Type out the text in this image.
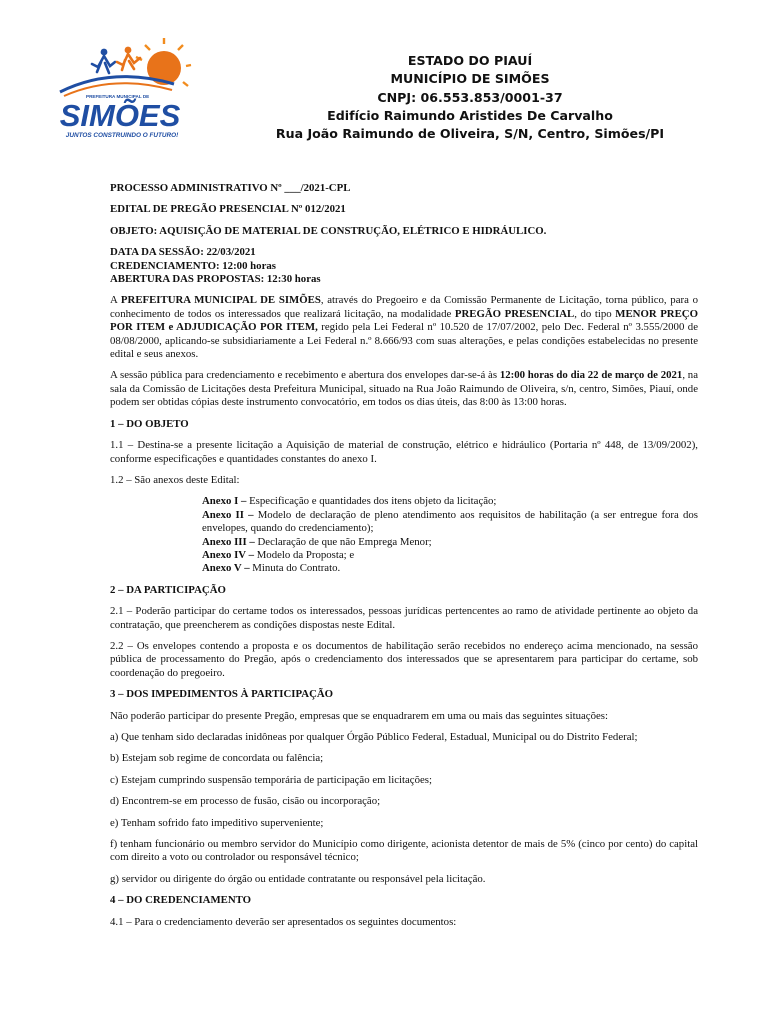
PREFEITURA MUNICIPAL DE
SIMÕES
JUNTOS CONSTRUINDO O FUTURO!
ESTADO DO PIAUÍ
MUNICÍPIO DE SIMÕES
CNPJ: 06.553.853/0001-37
Edifício Raimundo Aristides De Carvalho
Rua João Raimundo de Oliveira, S/N, Centro, Simões/PI

PROCESSO ADMINISTRATIVO Nº ___/2021-CPL

EDITAL DE PREGÃO PRESENCIAL Nº 012/2021

OBJETO: AQUISIÇÃO DE MATERIAL DE CONSTRUÇÃO, ELÉTRICO E HIDRÁULICO.

DATA DA SESSÃO: 22/03/2021

CREDENCIAMENTO: 12:00 horas

ABERTURA DAS PROPOSTAS: 12:30 horas

A PREFEITURA MUNICIPAL DE SIMÕES, através do Pregoeiro e da Comissão Permanente de Licitação, torna público, para o conhecimento de todos os interessados que realizará licitação, na modalidade PREGÃO PRESENCIAL, do tipo MENOR PREÇO POR ITEM e ADJUDICAÇÃO POR ITEM, regido pela Lei Federal nº 10.520 de 17/07/2002, pelo Dec. Federal nº 3.555/2000 de 08/08/2000, aplicando-se subsidiariamente a Lei Federal n.º 8.666/93 com suas alterações, e pelas condições estabelecidas no presente edital e seus anexos.

A sessão pública para credenciamento e recebimento e abertura dos envelopes dar-se-á às 12:00 horas do dia 22 de março de 2021, na sala da Comissão de Licitações desta Prefeitura Municipal, situado na Rua João Raimundo de Oliveira, s/n, centro, Simões, Piauí, onde podem ser obtidas cópias deste instrumento convocatório, em todos os dias úteis, das 8:00 às 13:00 horas.

1 – DO OBJETO

1.1 – Destina-se a presente licitação a Aquisição de material de construção, elétrico e hidráulico (Portaria nº 448, de 13/09/2002), conforme especificações e quantidades constantes do anexo I.

1.2 – São anexos deste Edital:

Anexo I – Especificação e quantidades dos itens objeto da licitação;

Anexo II – Modelo de declaração de pleno atendimento aos requisitos de habilitação (a ser entregue fora dos envelopes, quando do credenciamento);

Anexo III – Declaração de que não Emprega Menor;

Anexo IV – Modelo da Proposta; e

Anexo V – Minuta do Contrato.

2 – DA PARTICIPAÇÃO

2.1 – Poderão participar do certame todos os interessados, pessoas jurídicas pertencentes ao ramo de atividade pertinente ao objeto da contratação, que preencherem as condições dispostas neste Edital.

2.2 – Os envelopes contendo a proposta e os documentos de habilitação serão recebidos no endereço acima mencionado, na sessão pública de processamento do Pregão, após o credenciamento dos interessados que se apresentarem para participar do certame, sob coordenação do pregoeiro.

3 – DOS IMPEDIMENTOS À PARTICIPAÇÃO

Não poderão participar do presente Pregão, empresas que se enquadrarem em uma ou mais das seguintes situações:

a) Que tenham sido declaradas inidôneas por qualquer Órgão Público Federal, Estadual, Municipal ou do Distrito Federal;

b) Estejam sob regime de concordata ou falência;

c) Estejam cumprindo suspensão temporária de participação em licitações;

d) Encontrem-se em processo de fusão, cisão ou incorporação;

e) Tenham sofrido fato impeditivo superveniente;

f) tenham funcionário ou membro servidor do Município como dirigente, acionista detentor de mais de 5% (cinco por cento) do capital com direito a voto ou controlador ou responsável técnico;

g) servidor ou dirigente do órgão ou entidade contratante ou responsável pela licitação.

4 – DO CREDENCIAMENTO

4.1 – Para o credenciamento deverão ser apresentados os seguintes documentos:
